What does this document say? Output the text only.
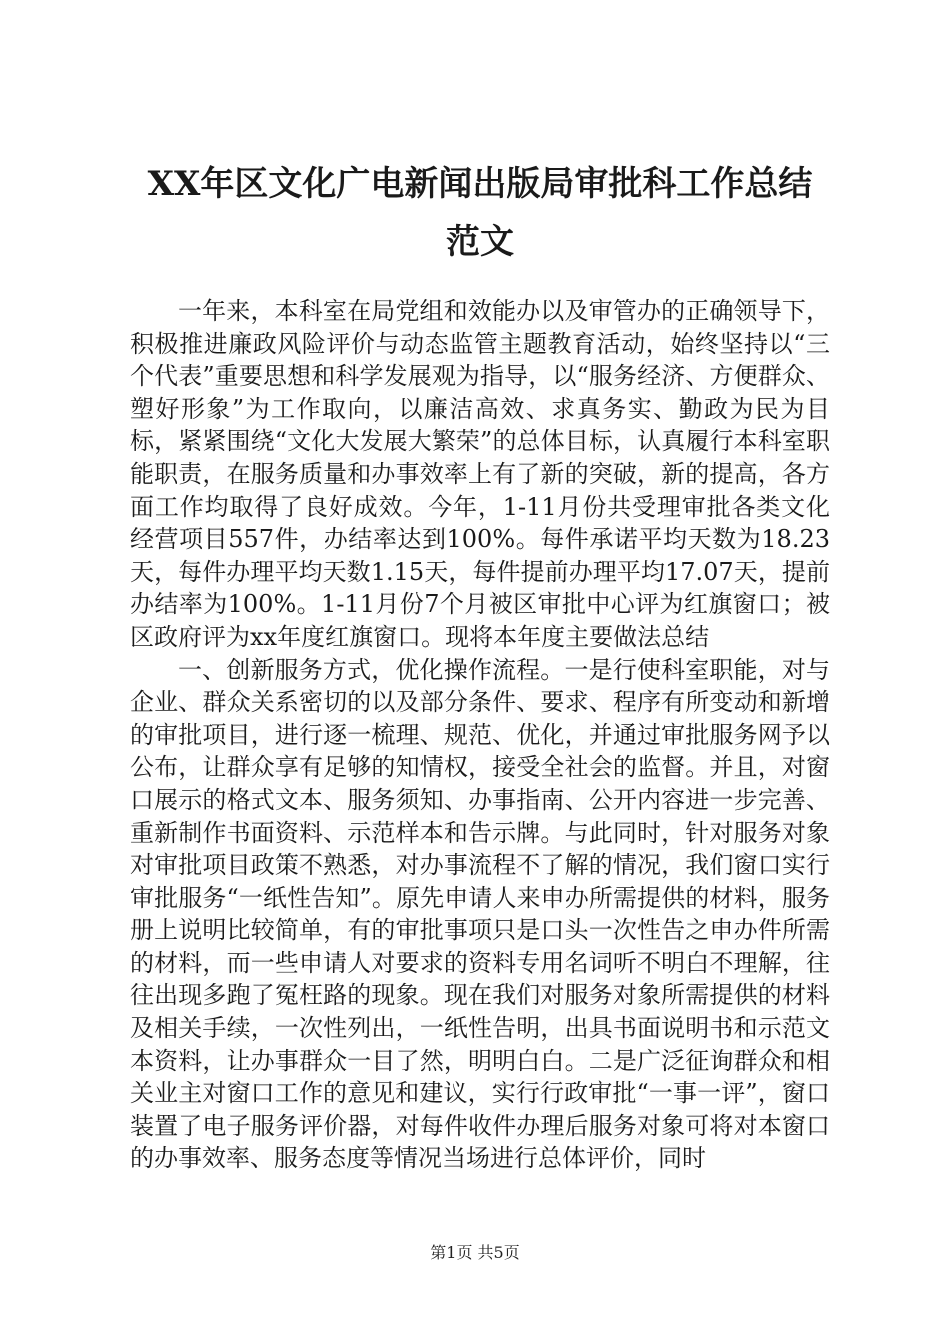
XX年区文化广电新闻出版局审批科工作总结
范文

一年来，本科室在局党组和效能办以及审管办的正确领导下，积极推进廉政风险评价与动态监管主题教育活动，始终坚持以“三个代表”重要思想和科学发展观为指导，以“服务经济、方便群众、塑好形象”为工作取向，以廉洁高效、求真务实、勤政为民为目标，紧紧围绕“文化大发展大繁荣”的总体目标，认真履行本科室职能职责，在服务质量和办事效率上有了新的突破，新的提高，各方面工作均取得了良好成效。今年，1-11月份共受理审批各类文化经营项目557件，办结率达到100%。每件承诺平均天数为18.23天，每件办理平均天数1.15天，每件提前办理平均17.07天，提前办结率为100%。1-11月份7个月被区审批中心评为红旗窗口；被区政府评为xx年度红旗窗口。现将本年度主要做法总结

一、创新服务方式，优化操作流程。一是行使科室职能，对与企业、群众关系密切的以及部分条件、要求、程序有所变动和新增的审批项目，进行逐一梳理、规范、优化，并通过审批服务网予以公布，让群众享有足够的知情权，接受全社会的监督。并且，对窗口展示的格式文本、服务须知、办事指南、公开内容进一步完善、重新制作书面资料、示范样本和告示牌。与此同时，针对服务对象对审批项目政策不熟悉，对办事流程不了解的情况，我们窗口实行审批服务“一纸性告知”。原先申请人来申办所需提供的材料，服务册上说明比较简单，有的审批事项只是口头一次性告之申办件所需的材料，而一些申请人对要求的资料专用名词听不明白不理解，往往出现多跑了冤枉路的现象。现在我们对服务对象所需提供的材料及相关手续，一次性列出，一纸性告明，出具书面说明书和示范文本资料，让办事群众一目了然，明明白白。二是广泛征询群众和相关业主对窗口工作的意见和建议，实行行政审批“一事一评”，窗口装置了电子服务评价器，对每件收件办理后服务对象可将对本窗口的办事效率、服务态度等情况当场进行总体评价，同时

第1页 共5页
